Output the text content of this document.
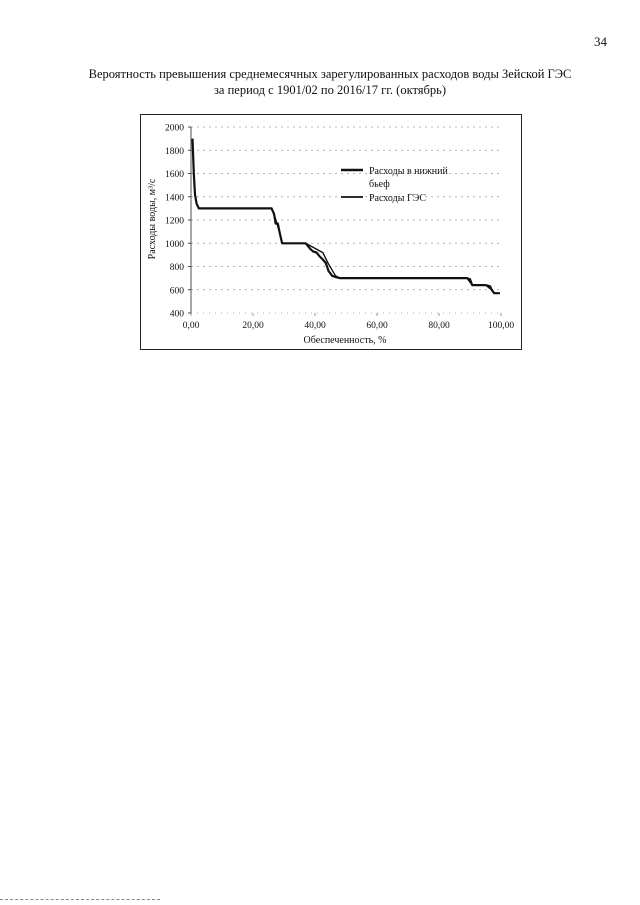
34
Вероятность превышения среднемесячных зарегулированных расходов воды Зейской ГЭС
за период с 1901/02 по 2016/17 гг. (октябрь)
2000
1800
1600
1400
1200
1000
800
600
400
0,00	20,00	40,00	60,00	80,00	100,00
Расходы воды, м³/с
Обеспеченность, %
Расходы в нижний
бьеф
Расходы ГЭС
